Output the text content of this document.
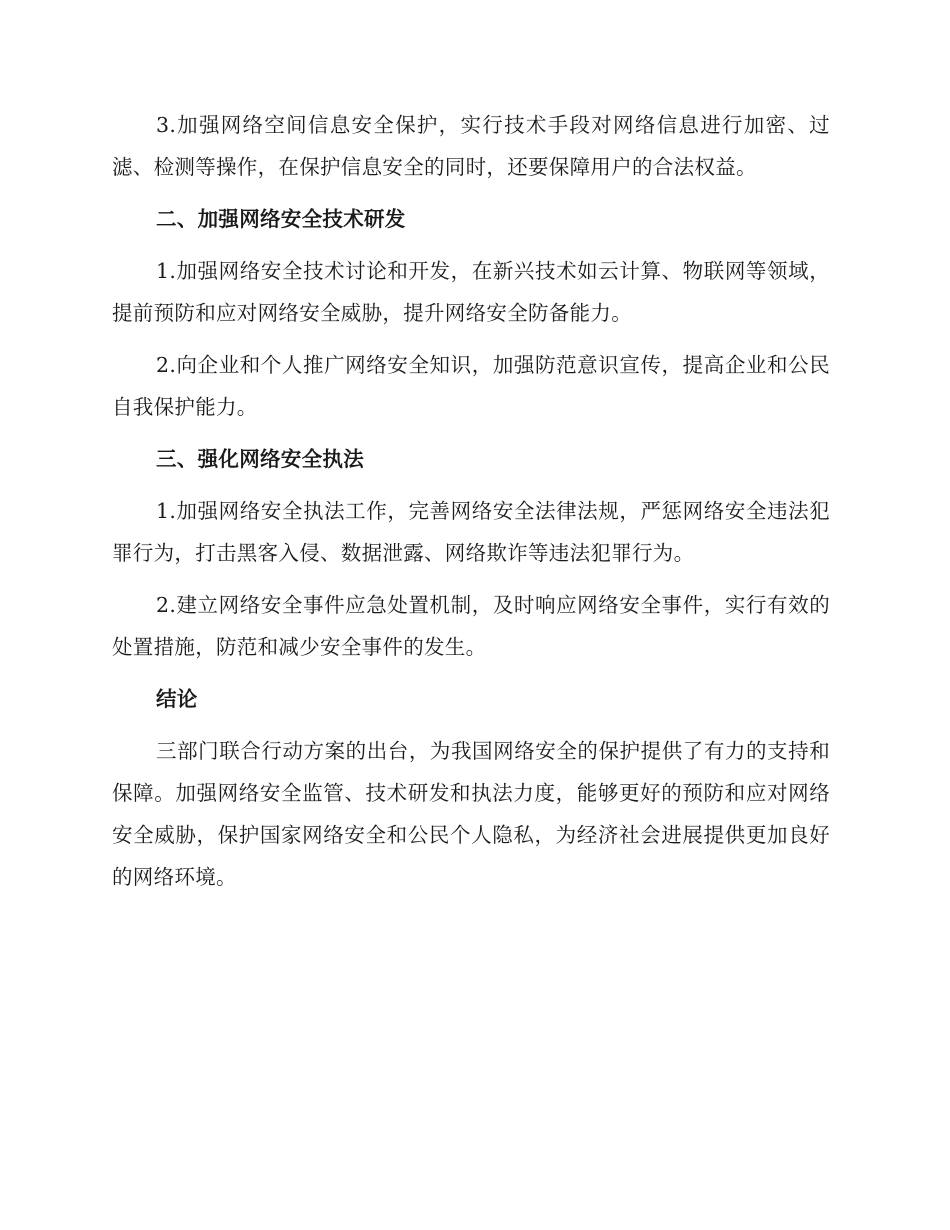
3.加强网络空间信息安全保护，实行技术手段对网络信息进行加密、过滤、检测等操作，在保护信息安全的同时，还要保障用户的合法权益。

二、加强网络安全技术研发

1.加强网络安全技术讨论和开发，在新兴技术如云计算、物联网等领域，提前预防和应对网络安全威胁，提升网络安全防备能力。

2.向企业和个人推广网络安全知识，加强防范意识宣传，提高企业和公民自我保护能力。

三、强化网络安全执法

1.加强网络安全执法工作，完善网络安全法律法规，严惩网络安全违法犯罪行为，打击黑客入侵、数据泄露、网络欺诈等违法犯罪行为。

2.建立网络安全事件应急处置机制，及时响应网络安全事件，实行有效的处置措施，防范和减少安全事件的发生。

结论

三部门联合行动方案的出台，为我国网络安全的保护提供了有力的支持和保障。加强网络安全监管、技术研发和执法力度，能够更好的预防和应对网络安全威胁，保护国家网络安全和公民个人隐私，为经济社会进展提供更加良好的网络环境。
